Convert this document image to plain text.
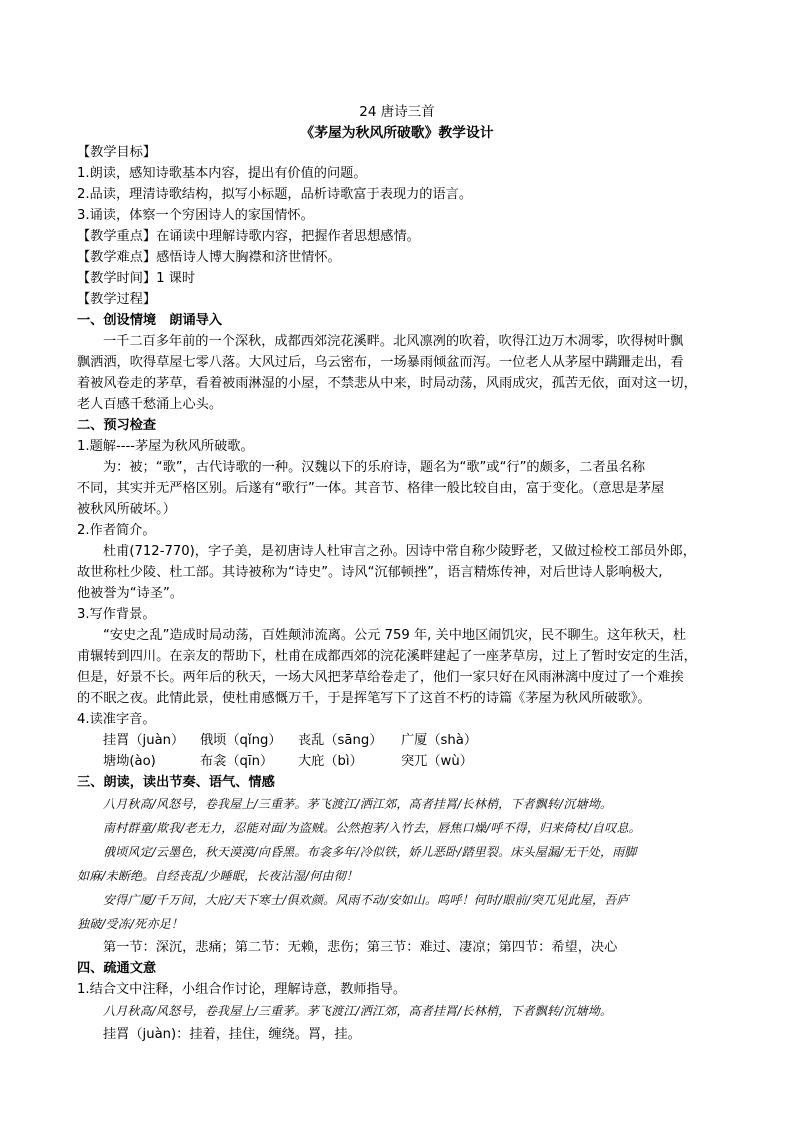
24 唐诗三首
《茅屋为秋风所破歌》教学设计
【教学目标】
1.朗读，感知诗歌基本内容，提出有价值的问题。
2.品读，理清诗歌结构，拟写小标题，品析诗歌富于表现力的语言。
3.诵读，体察一个穷困诗人的家国情怀。
【教学重点】在诵读中理解诗歌内容，把握作者思想感情。
【教学难点】感悟诗人博大胸襟和济世情怀。
【教学时间】1 课时
【教学过程】
一、创设情境　朗诵导入
一千二百多年前的一个深秋，成都西郊浣花溪畔。北风凛冽的吹着，吹得江边万木凋零，吹得树叶飘
飘洒洒，吹得草屋七零八落。大风过后，乌云密布，一场暴雨倾盆而泻。一位老人从茅屋中蹒跚走出，看
着被风卷走的茅草，看着被雨淋湿的小屋，不禁悲从中来，时局动荡，风雨成灾，孤苦无依，面对这一切，
老人百感千愁涌上心头。
二、预习检查
1.题解----茅屋为秋风所破歌。
为：被；“歌”，古代诗歌的一种。汉魏以下的乐府诗，题名为“歌”或“行”的颇多，二者虽名称
不同，其实并无严格区别。后遂有“歌行”一体。其音节、格律一般比较自由，富于变化。（意思是茅屋
被秋风所破坏。）
2.作者简介。
杜甫(712-770)，字子美，是初唐诗人杜审言之孙。因诗中常自称少陵野老，又做过检校工部员外郎，
故世称杜少陵、杜工部。其诗被称为“诗史”。诗风“沉郁顿挫”，语言精炼传神，对后世诗人影响极大,
他被誉为“诗圣”。
3.写作背景。
“安史之乱”造成时局动荡，百姓颠沛流离。公元 759 年, 关中地区闹饥灾，民不聊生。这年秋天，杜
甫辗转到四川。在亲友的帮助下，杜甫在成都西郊的浣花溪畔建起了一座茅草房，过上了暂时安定的生活，
但是，好景不长。两年后的秋天，一场大风把茅草给卷走了，他们一家只好在风雨淋漓中度过了一个难挨
的不眠之夜。此情此景，使杜甫感慨万千，于是挥笔写下了这首不朽的诗篇《茅屋为秋风所破歌》。
4.读准字音。
挂罥（juàn） 俄顷（qǐng） 丧乱（sāng） 广厦（shà）
塘坳(ào)	布衾（qīn） 大庇（bì）	突兀（wù）
三、朗读，读出节奏、语气、情感
八月秋高/风怒号，卷我屋上/三重茅。茅飞渡江/洒江郊，高者挂罥/长林梢，下者飘转/沉塘坳。
南村群童/欺我/老无力，忍能对面/为盗贼。公然抱茅/入竹去，唇焦口燥/呼不得，归来倚杖/自叹息。
俄顷风定/云墨色，秋天漠漠/向昏黑。布衾多年/冷似铁，娇儿恶卧/踏里裂。床头屋漏/无干处，雨脚
如麻/未断绝。自经丧乱/少睡眠，长夜沾湿/何由彻！
安得广厦/千万间，大庇/天下寒士/俱欢颜。风雨不动/安如山。呜呼！何时/眼前/突兀见此屋，吾庐
独破/受冻/死亦足！
第一节：深沉，悲痛；第二节：无赖，悲伤；第三节：难过、凄凉；第四节：希望，决心
四、疏通文意
1.结合文中注释，小组合作讨论，理解诗意，教师指导。
八月秋高/风怒号，卷我屋上/三重茅。茅飞渡江/洒江郊，高者挂罥/长林梢，下者飘转/沉塘坳。
挂罥（juàn)：挂着，挂住，缠绕。罥，挂。
